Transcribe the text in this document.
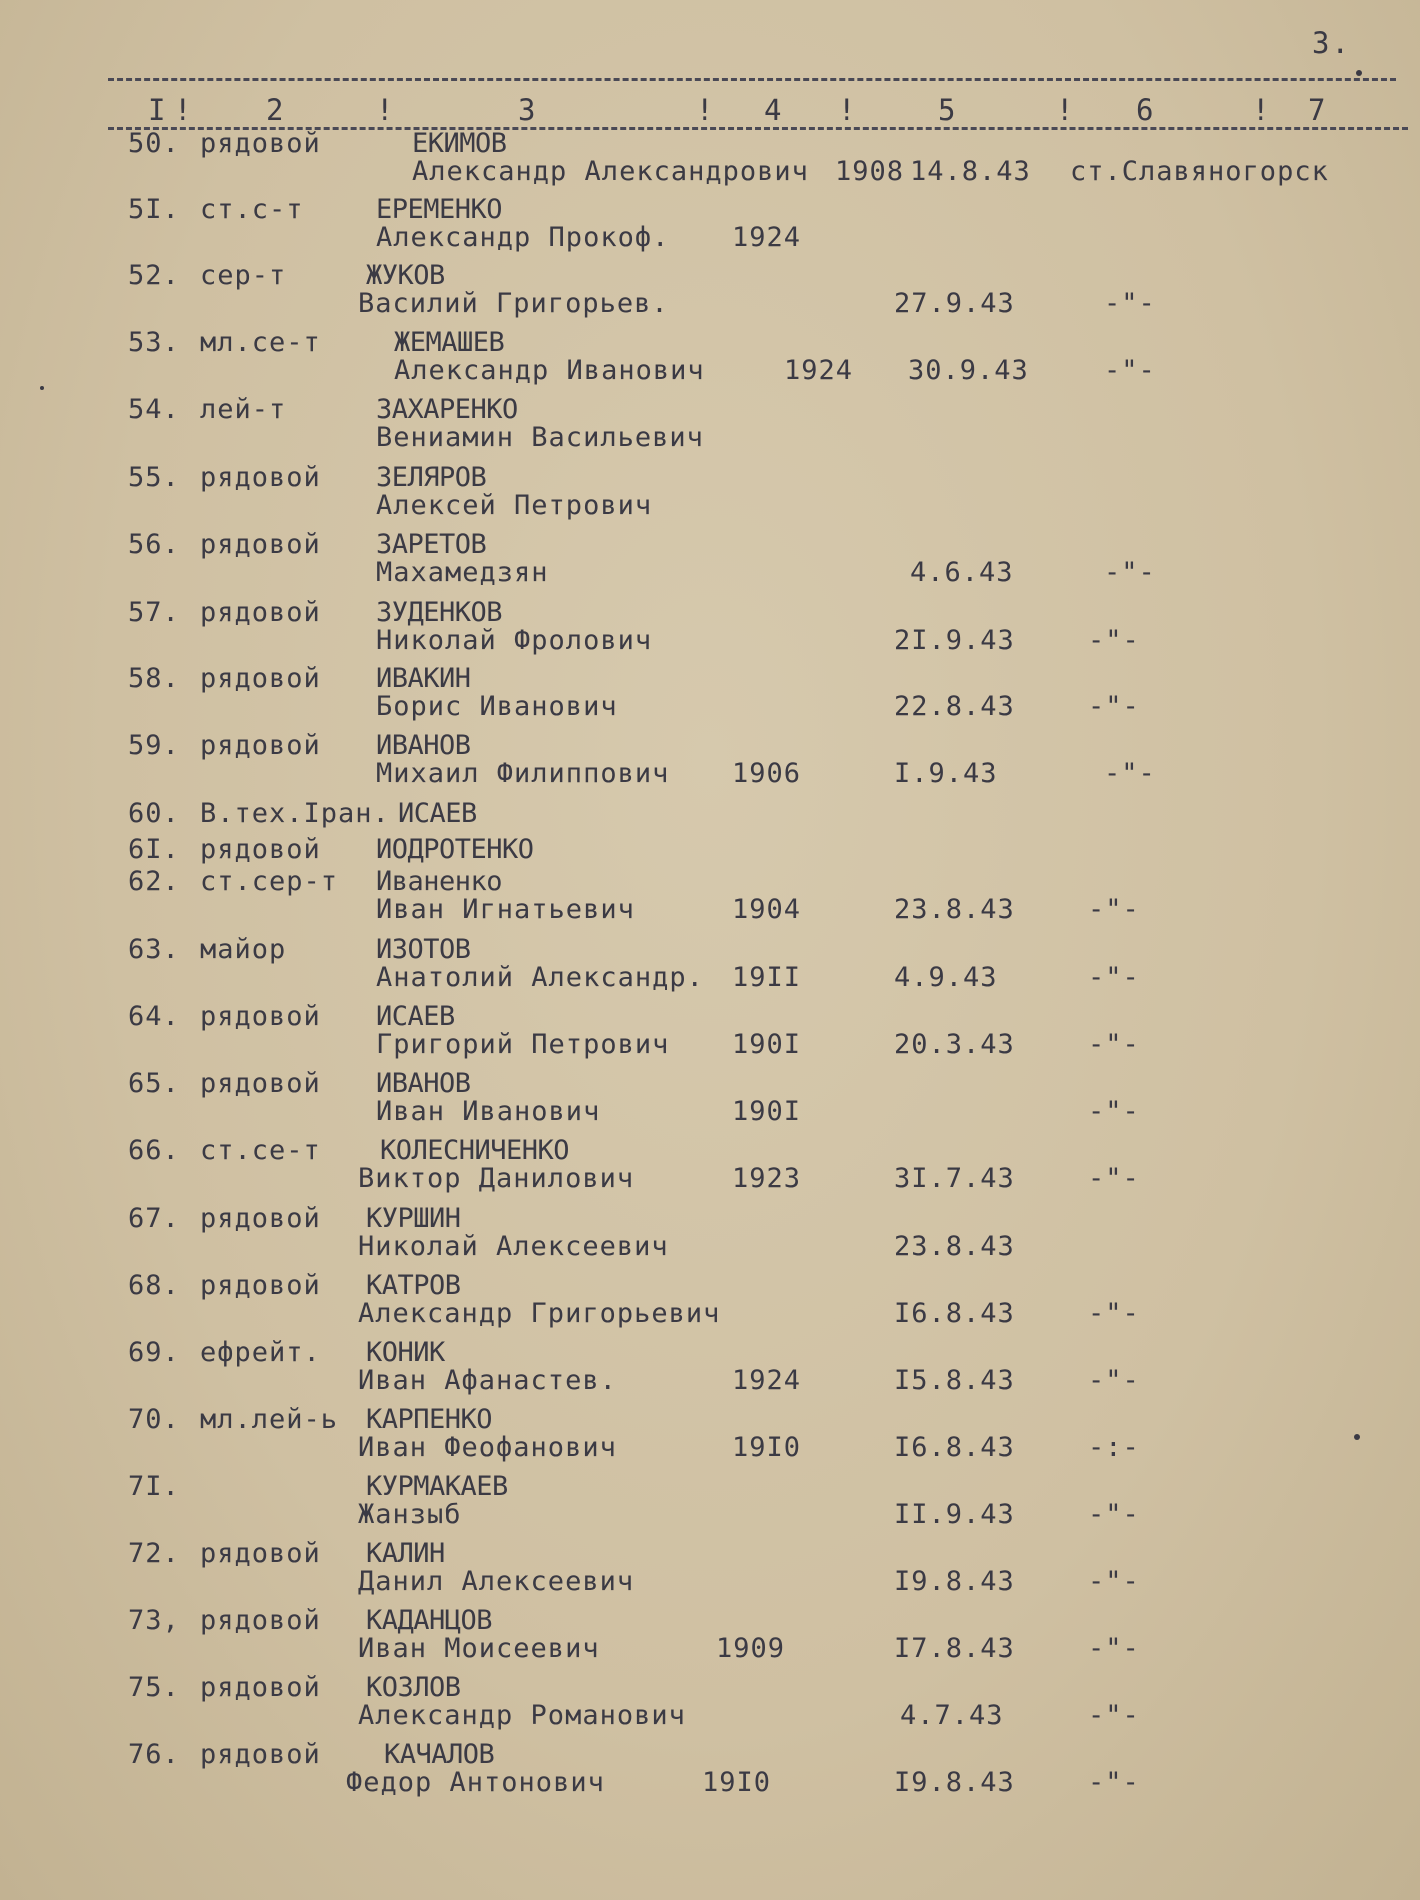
3.
I !	2	!	3	! 4 !	5	! 6	! 7
50. рядовой	ЕКИМОВ
Александр Александрович 1908 14.8.43 ст.Славяногорск
5I. ст.с-т	ЕРЕМЕНКО
Александр Прокоф. 1924
52. сер-т	ЖУКОВ
Василий Григорьев.	27.9.43	-"-
53. мл.се-т	ЖЕМАШЕВ
Александр Иванович	1924 30.9.43	-"-
54. лей-т	ЗАХАРЕНКО
Вениамин Васильевич
55. рядовой ЗЕЛЯРОВ
Алексей Петрович
56. рядовой ЗАРЕТОВ
Махамедзян	4.6.43	-"-
57. рядовой ЗУДЕНКОВ
Николай Фролович	2I.9.43	-"-
58. рядовой ИВАКИН
Борис Иванович	22.8.43	-"-
59. рядовой ИВАНОВ
Михаил Филиппович 1906	I.9.43	-"-
60. В.тех.Iран. ИСАЕВ
6I. рядовой ИОДРОТЕНКО
62. ст.сер-т Иваненко
Иван Игнатьевич	1904	23.8.43	-"-
63. майор	ИЗОТОВ
Анатолий Александр. 19II	4.9.43	-"-
64. рядовой ИСАЕВ
Григорий Петрович 190I	20.3.43	-"-
65. рядовой ИВАНОВ
Иван Иванович	190I	-"-
66. ст.се-т КОЛЕСНИЧЕНКО
Виктор Данилович	1923	3I.7.43	-"-
67. рядовой КУРШИН
Николай Алексеевич	23.8.43
68. рядовой КАТРОВ
Александр Григорьевич	I6.8.43	-"-
69. ефрейт. КОНИК
Иван Афанастев.	1924	I5.8.43	-"-
70. мл.лей-ь КАРПЕНКО
Иван Феофанович	19I0	I6.8.43	-:-
7I.	КУРМАКАЕВ
Жанзыб	II.9.43	-"-
72. рядовой КАЛИН
Данил Алексеевич	I9.8.43	-"-
73, рядовой КАДАНЦОВ
Иван Моисеевич	1909	I7.8.43	-"-
75. рядовой КОЗЛОВ
Александр Романович	4.7.43	-"-
76. рядовой КАЧАЛОВ
Федор Антонович	19I0	I9.8.43	-"-
